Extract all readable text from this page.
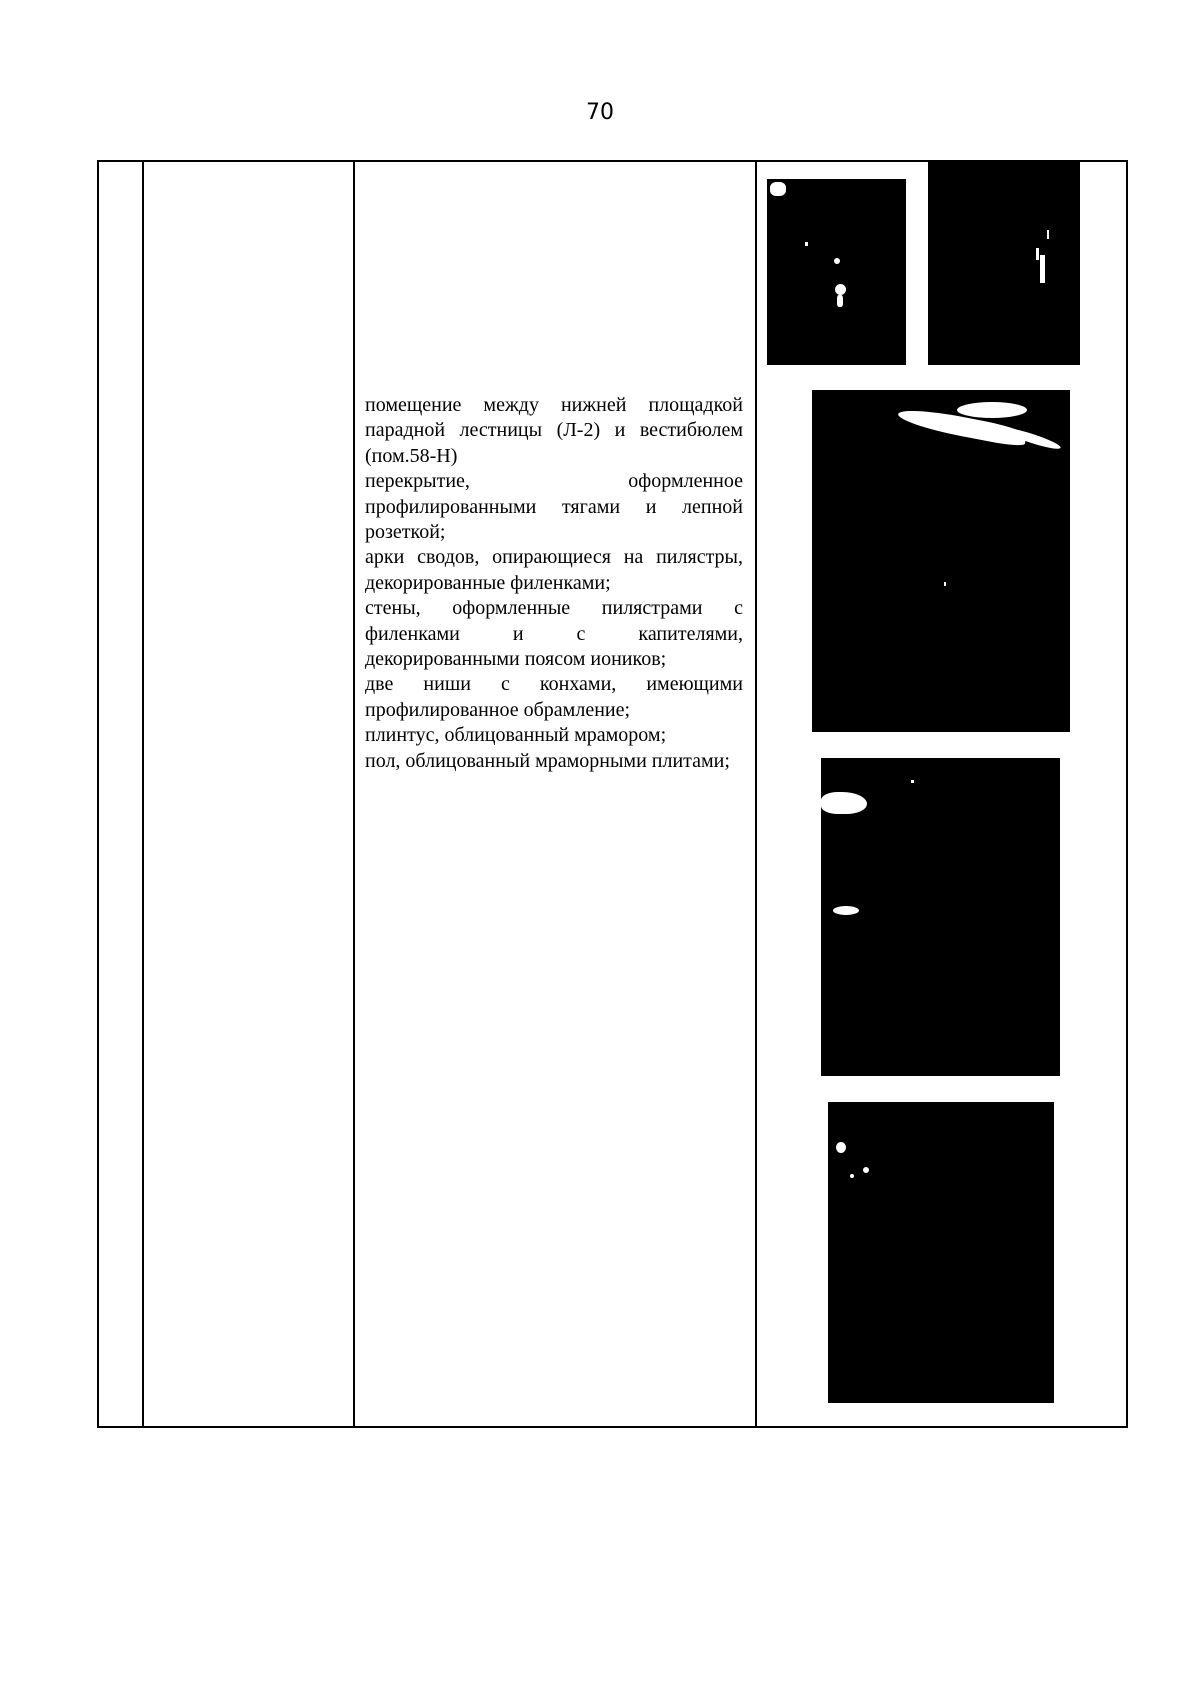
70

помещение между нижней площадкой парадной лестницы (Л-2) и вестибюлем (пом.58-Н)

перекрытие, оформленное профилированными тягами и лепной розеткой;

арки сводов, опирающиеся на пилястры, декорированные филенками;

стены, оформленные пилястрами с филенками и с капителями, декорированными поясом иоников;

две ниши с конхами, имеющими профилированное обрамление;

плинтус, облицованный мрамором;

пол, облицованный мраморными плитами;
